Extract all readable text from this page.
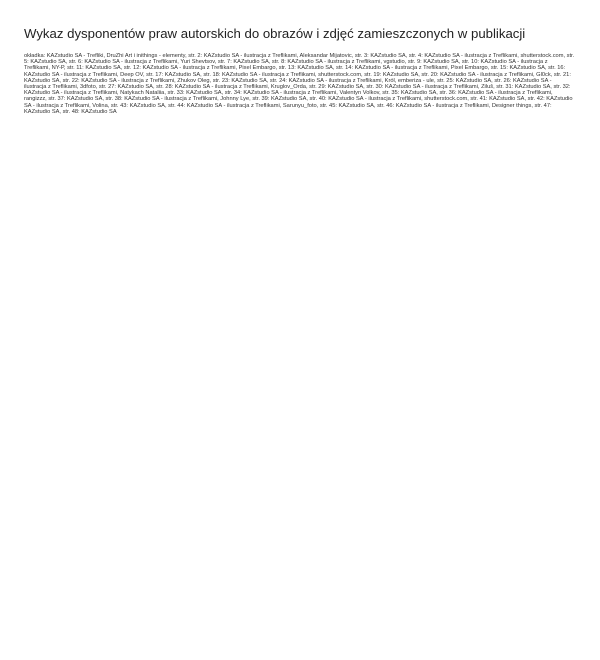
Wykaz dysponentów praw autorskich do obrazów i zdjęć zamieszczonych w publikacji

okładka: KAZstudio SA - Trefliki, DruZhi Art i inithings - elementy, str. 2: KAZstudio SA - ilustracja z Treflikami, Aleksandar Mijatovic, str. 3: KAZstudio SA, str. 4: KAZstudio SA - ilustracja z Treflikami, shutterstock.com, str. 5: KAZstudio SA, str. 6: KAZstudio SA - ilustracja z Treflikami, Yuri Shevtsov, str. 7: KAZstudio SA, str. 8: KAZstudio SA - ilustracja z Treflikami, vgstudio, str. 9: KAZstudio SA, str. 10: KAZstudio SA - ilustracja z Treflikami, NY-P, str. 11: KAZstudio SA, str. 12: KAZstudio SA - ilustracja z Treflikami, Pixel Embargo, str. 13: KAZstudio SA, str. 14: KAZstudio SA - ilustracja z Treflikami, Pixel Embargo, str. 15: KAZstudio SA, str. 16: KAZstudio SA - ilustracja z Treflikami, Deep OV, str. 17: KAZstudio SA, str. 18: KAZstudio SA - ilustracja z Treflikami, shutterstock.com, str. 19: KAZstudio SA, str. 20: KAZstudio SA - ilustracja z Treflikami, Gl0ck, str. 21: KAZstudio SA, str. 22: KAZstudio SA - ilustracja z Treflikami, Zhukov Oleg, str. 23: KAZstudio SA, str. 24: KAZstudio SA - ilustracja z Treflikami, Król, emberiza - ule, str. 25: KAZstudio SA, str. 26: KAZstudio SA - ilustracja z Treflikami, 3dfoto, str. 27: KAZstudio SA, str. 28: KAZstudio SA - ilustracja z Treflikami, Kruglov_Orda, str. 29: KAZstudio SA, str. 30: KAZstudio SA - ilustracja z Treflikami, Ziluš, str. 31: KAZstudio SA, str. 32: KAZstudio SA - ilustracja z Treflikami, Natykach Nataliia, str. 33: KAZstudio SA, str. 34: KAZstudio SA - ilustracja z Treflikami, Valentyn Volkov, str. 35: KAZstudio SA, str. 36: KAZstudio SA - ilustracja z Treflikami, rangizzz, str. 37: KAZstudio SA, str. 38: KAZstudio SA - ilustracja z Treflikami, Johnny Lye, str. 39: KAZstudio SA, str. 40: KAZstudio SA - ilustracja z Treflikami, shutterstock.com, str. 41: KAZstudio SA, str. 42: KAZstudio SA - ilustracja z Treflikami, Volina, str. 43: KAZstudio SA, str. 44: KAZstudio SA - ilustracja z Treflikami, Sarunyu_foto, str. 45: KAZstudio SA, str. 46: KAZstudio SA - ilustracja z Treflikami, Designer things, str. 47: KAZstudio SA, str. 48: KAZstudio SA
